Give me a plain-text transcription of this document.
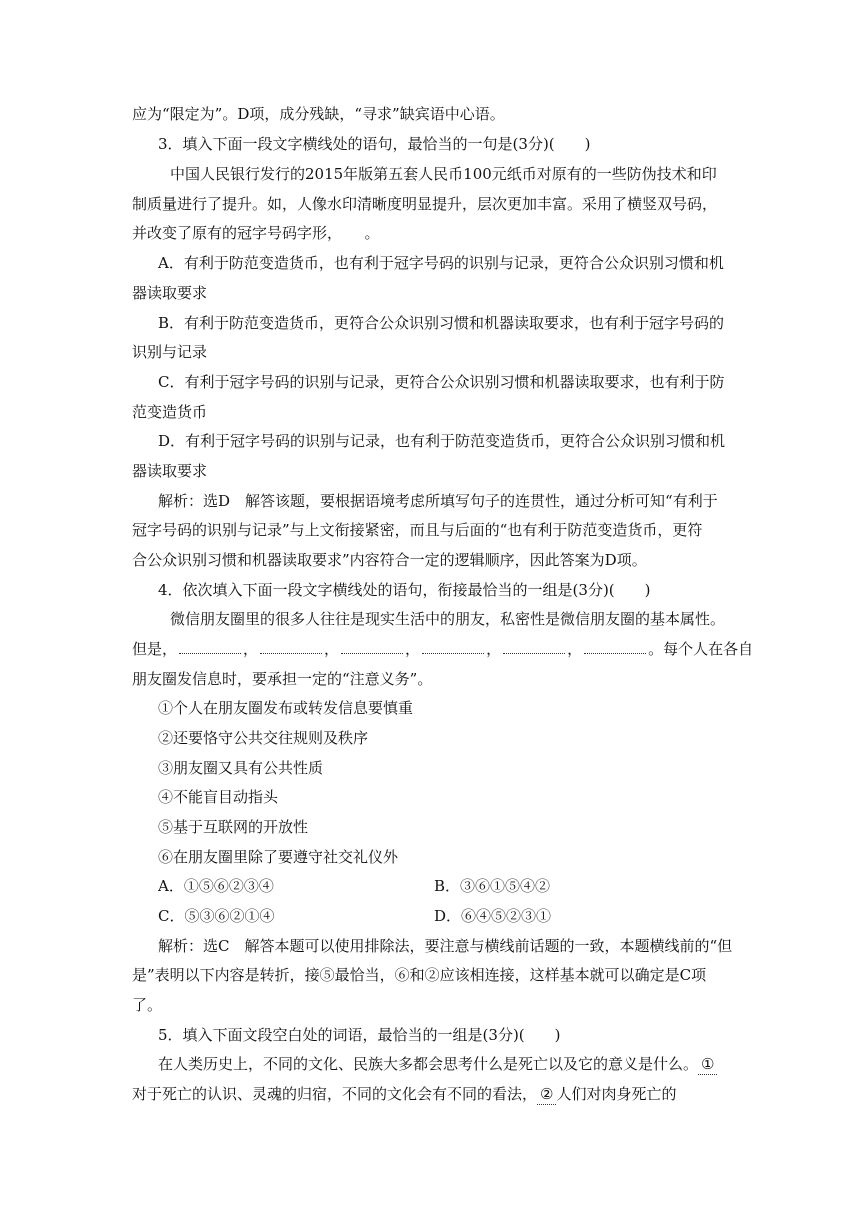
应为“限定为”。D项，成分残缺，“寻求”缺宾语中心语。
3．填入下面一段文字横线处的语句，最恰当的一句是(3分)(　　)
中国人民银行发行的2015年版第五套人民币100元纸币对原有的一些防伪技术和印
制质量进行了提升。如，人像水印清晰度明显提升，层次更加丰富。采用了横竖双号码，
并改变了原有的冠字号码字形，　　。
A．有利于防范变造货币，也有利于冠字号码的识别与记录，更符合公众识别习惯和机
器读取要求
B．有利于防范变造货币，更符合公众识别习惯和机器读取要求，也有利于冠字号码的
识别与记录
C．有利于冠字号码的识别与记录，更符合公众识别习惯和机器读取要求，也有利于防
范变造货币
D．有利于冠字号码的识别与记录，也有利于防范变造货币，更符合公众识别习惯和机
器读取要求
解析：选D　解答该题，要根据语境考虑所填写句子的连贯性，通过分析可知“有利于
冠字号码的识别与记录”与上文衔接紧密，而且与后面的“也有利于防范变造货币，更符
合公众识别习惯和机器读取要求”内容符合一定的逻辑顺序，因此答案为D项。
4．依次填入下面一段文字横线处的语句，衔接最恰当的一组是(3分)(　　)
微信朋友圈里的很多人往往是现实生活中的朋友，私密性是微信朋友圈的基本属性。
但是，	，	，	，	，	，	。每个人在各自
朋友圈发信息时，要承担一定的“注意义务”。
①个人在朋友圈发布或转发信息要慎重
②还要恪守公共交往规则及秩序
③朋友圈又具有公共性质
④不能盲目动指头
⑤基于互联网的开放性
⑥在朋友圈里除了要遵守社交礼仪外
A．①⑤⑥②③④	B．③⑥①⑤④②
C．⑤③⑥②①④	D．⑥④⑤②③①
解析：选C　解答本题可以使用排除法，要注意与横线前话题的一致，本题横线前的“但
是”表明以下内容是转折，接⑤最恰当，⑥和②应该相连接，这样基本就可以确定是C项
了。
5．填入下面文段空白处的词语，最恰当的一组是(3分)(　　)
在人类历史上，不同的文化、民族大多都会思考什么是死亡以及它的意义是什么。 ①
对于死亡的认识、灵魂的归宿，不同的文化会有不同的看法， ② 人们对肉身死亡的
